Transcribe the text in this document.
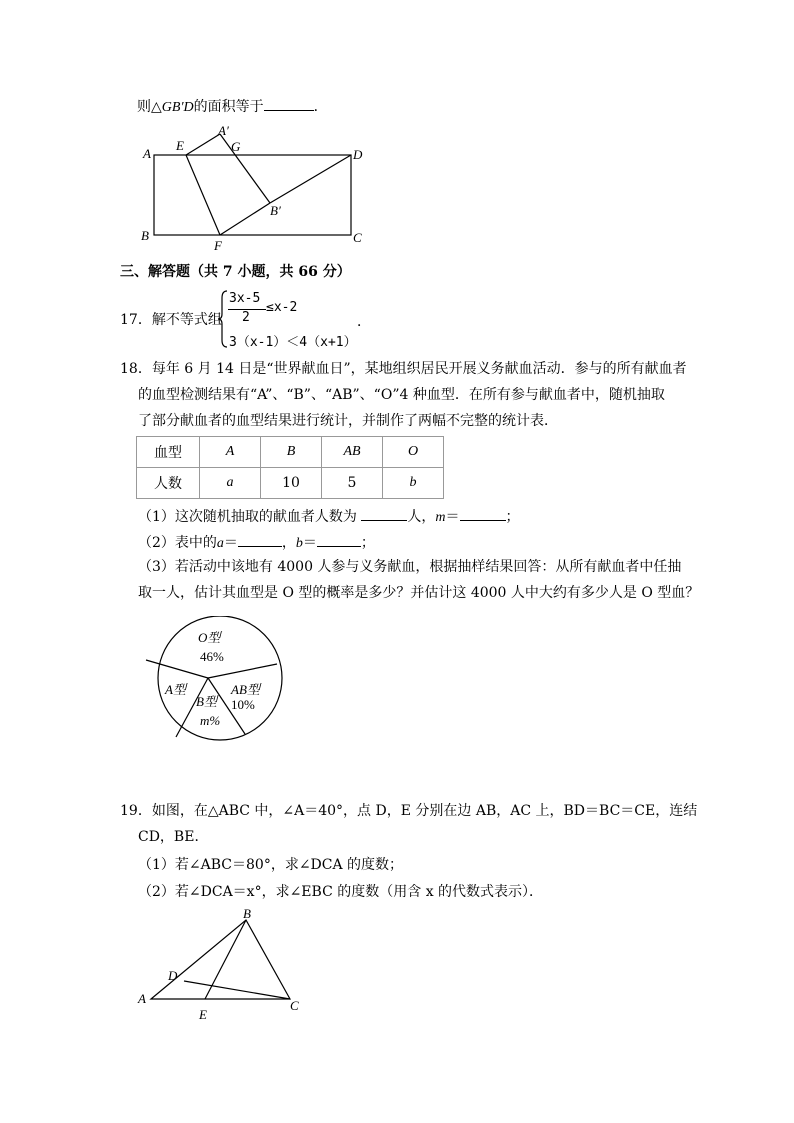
则△GB′D的面积等于	．
A
E
A′
G
D
B′
B
F
C
三、解答题（共 7 小题，共 66 分）
17．解不等式组
3x-5
2
≤x-2
3（x-1）＜4（x+1）
．
18．每年 6 月 14 日是“世界献血日”，某地组织居民开展义务献血活动．参与的所有献血者
的血型检测结果有“A”、“B”、“AB”、“O”4 种血型．在所有参与献血者中，随机抽取
了部分献血者的血型结果进行统计，并制作了两幅不完整的统计表．
血型	A	B	AB	O
人数	a	10	5	b
（1）这次随机抽取的献血者人数为	人，m＝	；
（2）表中的a＝	，b＝	；
（3）若活动中该地有 4000 人参与义务献血，根据抽样结果回答：从所有献血者中任抽
取一人，估计其血型是 O 型的概率是多少？并估计这 4000 人中大约有多少人是 O 型血？
O型
46%
A型
B型
m%
AB型
10%
19．如图，在△ABC 中，∠A＝40°，点 D，E 分别在边 AB，AC 上，BD＝BC＝CE，连结
CD，BE．
（1）若∠ABC＝80°，求∠DCA 的度数；
（2）若∠DCA＝x°，求∠EBC 的度数（用含 x 的代数式表示）．
A
B
C
D
E
